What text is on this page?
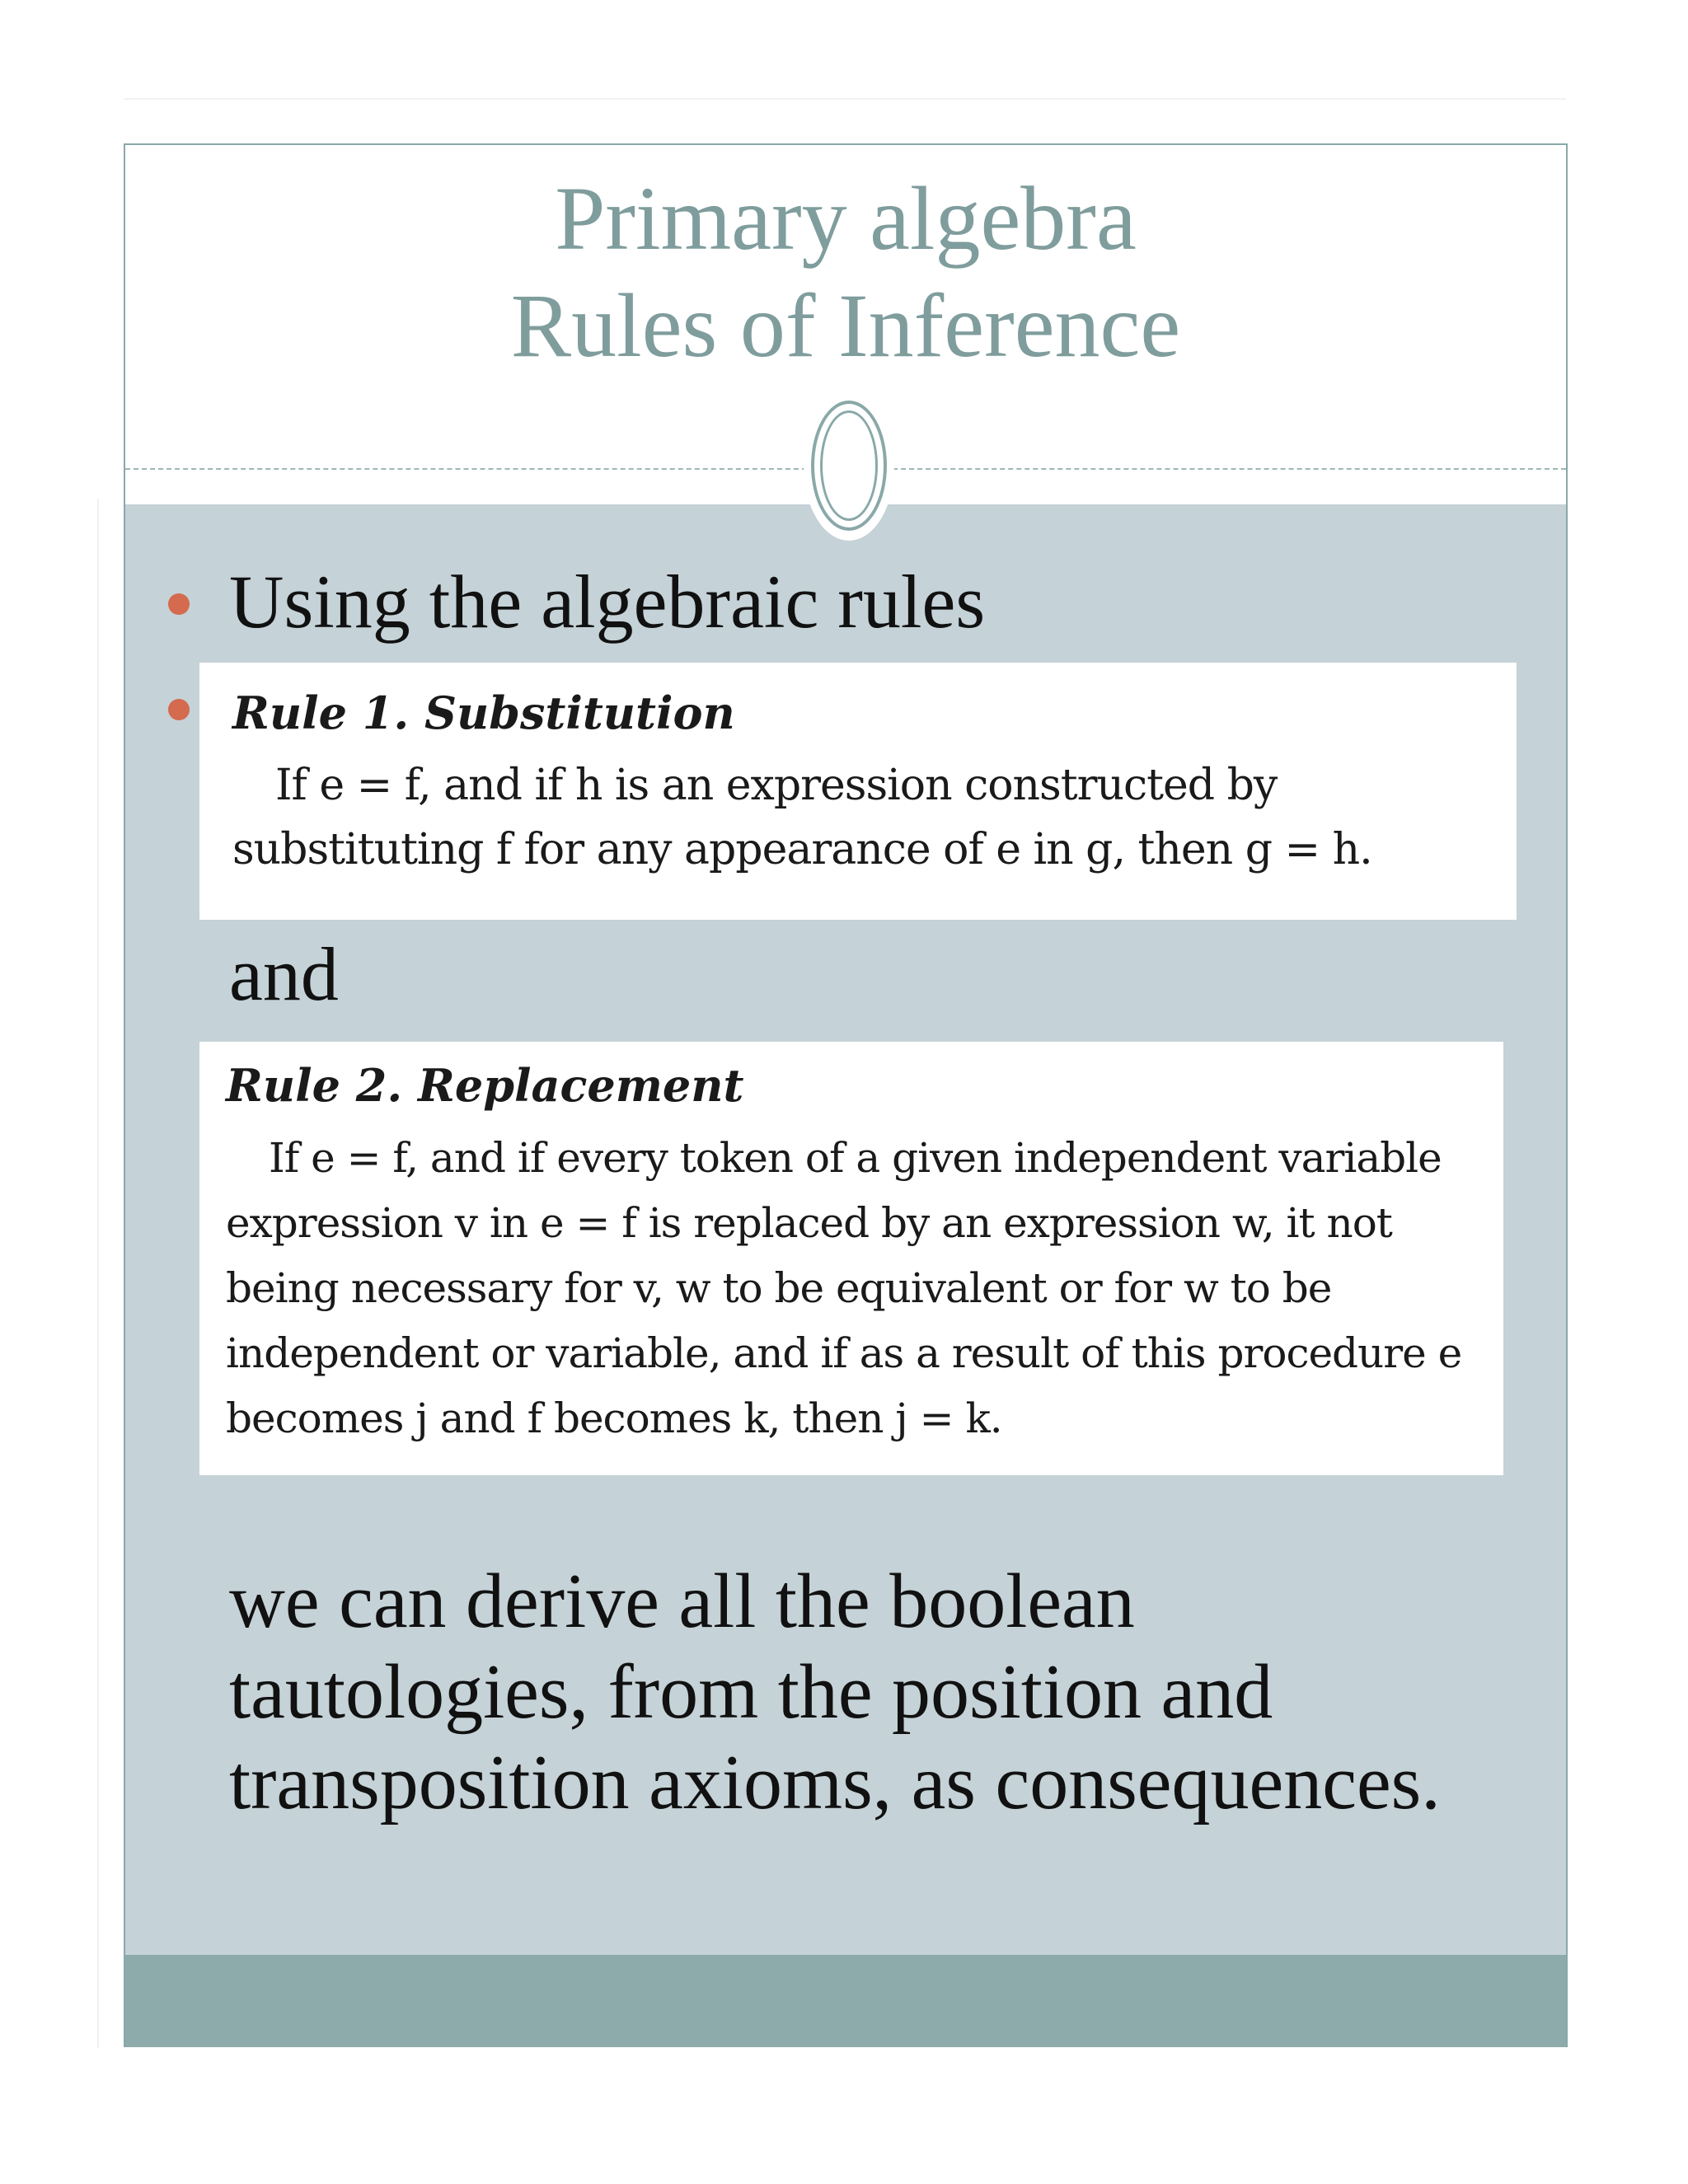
Primary algebra
Rules of Inference
Using the algebraic rules
Rule 1. Substitution
If e = f, and if h is an expression constructed by substituting f for any appearance of e in g, then g = h.
and
Rule 2. Replacement
If e = f, and if every token of a given independent variable expression v in e = f is replaced by an expression w, it not being necessary for v, w to be equivalent or for w to be independent or variable, and if as a result of this procedure e becomes j and f becomes k, then j = k.
we can derive all the boolean tautologies, from the position and transposition axioms, as consequences.
